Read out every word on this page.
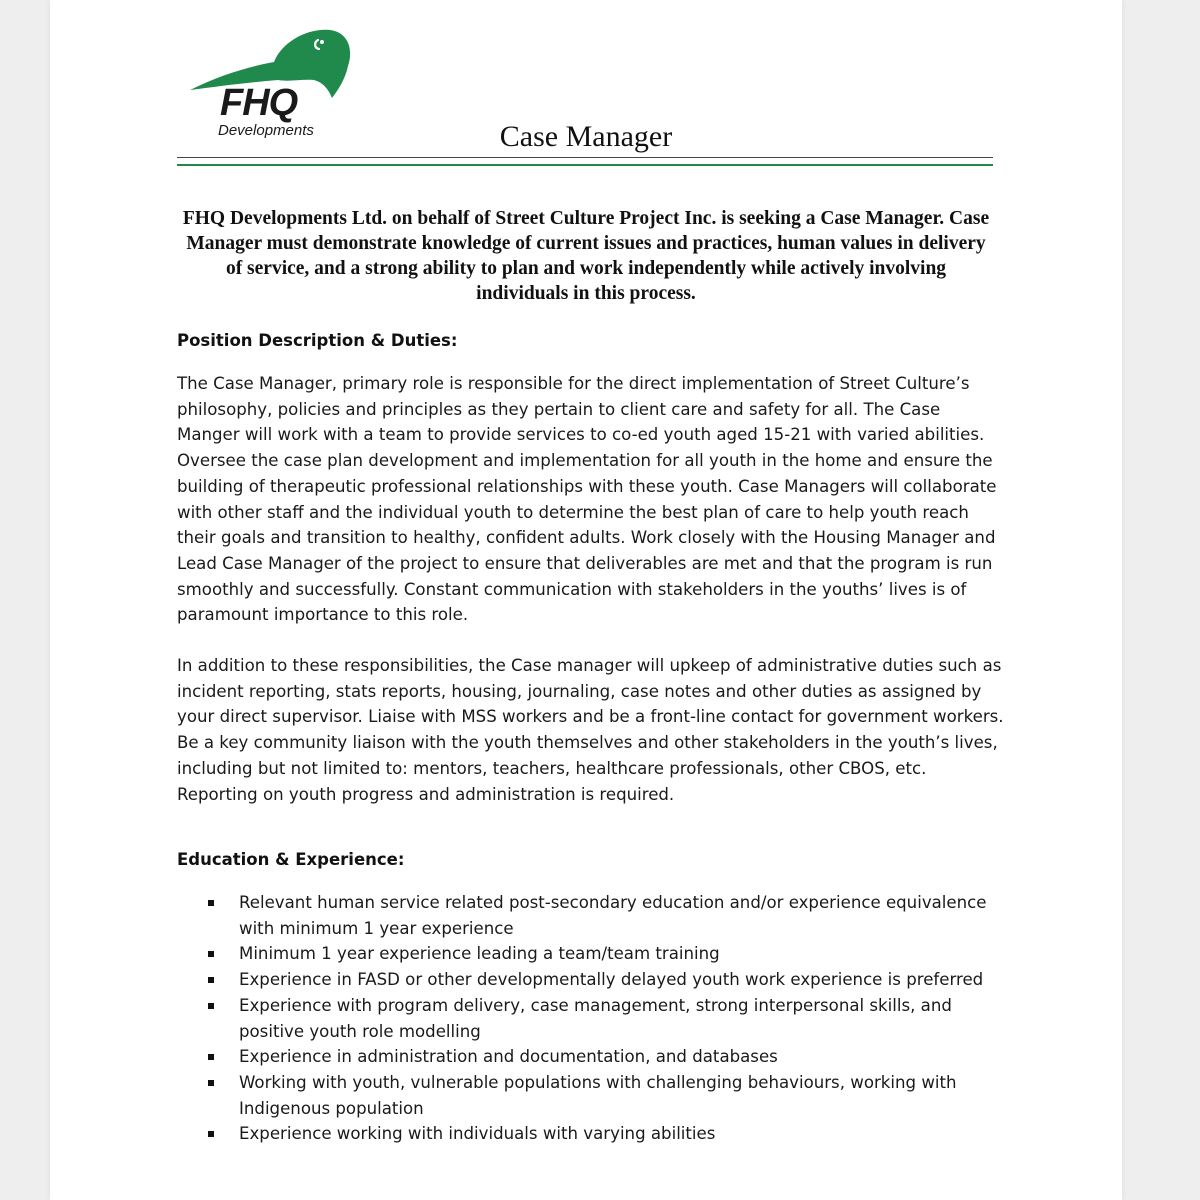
FHQ
Developments	Case Manager

FHQ Developments Ltd. on behalf of Street Culture Project Inc. is seeking a Case Manager. Case Manager must demonstrate knowledge of current issues and practices, human values in delivery of service, and a strong ability to plan and work independently while actively involving individuals in this process.

Position Description & Duties:

The Case Manager, primary role is responsible for the direct implementation of Street Culture’s philosophy, policies and principles as they pertain to client care and safety for all. The Case Manger will work with a team to provide services to co-ed youth aged 15-21 with varied abilities. Oversee the case plan development and implementation for all youth in the home and ensure the building of therapeutic professional relationships with these youth. Case Managers will collaborate with other staff and the individual youth to determine the best plan of care to help youth reach their goals and transition to healthy, confident adults. Work closely with the Housing Manager and Lead Case Manager of the project to ensure that deliverables are met and that the program is run smoothly and successfully. Constant communication with stakeholders in the youths’ lives is of paramount importance to this role.

In addition to these responsibilities, the Case manager will upkeep of administrative duties such as incident reporting, stats reports, housing, journaling, case notes and other duties as assigned by your direct supervisor. Liaise with MSS workers and be a front-line contact for government workers. Be a key community liaison with the youth themselves and other stakeholders in the youth’s lives, including but not limited to: mentors, teachers, healthcare professionals, other CBOS, etc. Reporting on youth progress and administration is required.

Education & Experience:
Relevant human service related post-secondary education and/or experience equivalence with minimum 1 year experience
Minimum 1 year experience leading a team/team training
Experience in FASD or other developmentally delayed youth work experience is preferred
Experience with program delivery, case management, strong interpersonal skills, and positive youth role modelling
Experience in administration and documentation, and databases
Working with youth, vulnerable populations with challenging behaviours, working with Indigenous population
Experience working with individuals with varying abilities
